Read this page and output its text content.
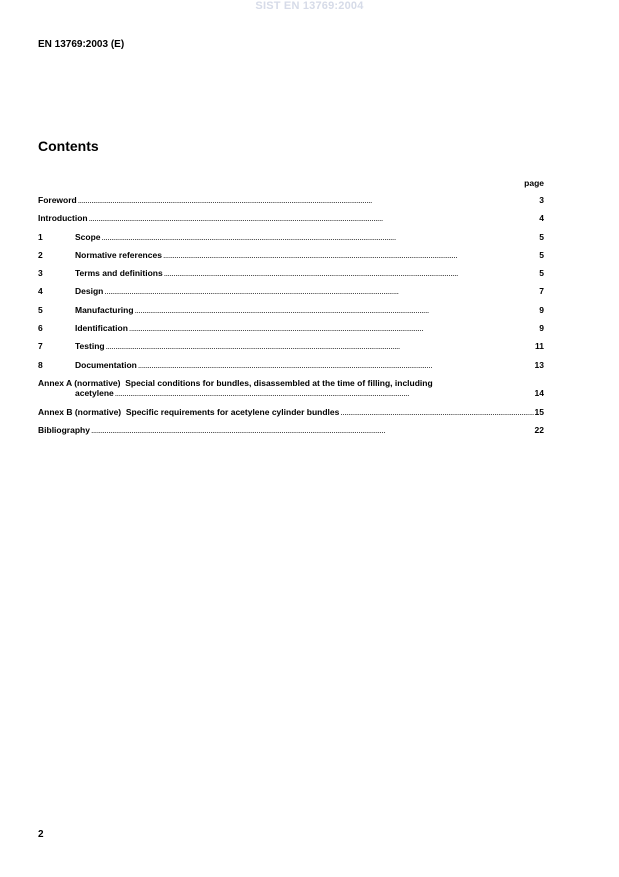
SIST EN 13769:2004
EN 13769:2003 (E)
Contents
page
Foreword . . .	3
Introduction . . .	4
1	Scope . . .	5
2	Normative references . . .	5
3	Terms and definitions . . .	5
4	Design . . .	7
5	Manufacturing . . .	9
6	Identification . . .	9
7	Testing . . .	11
8	Documentation . . .	13
Annex A (normative)  Special conditions for bundles, disassembled at the time of filling, including
acetylene . . .	14
Annex B (normative)  Specific requirements for acetylene cylinder bundles . . .	15
Bibliography . . .	22
2
